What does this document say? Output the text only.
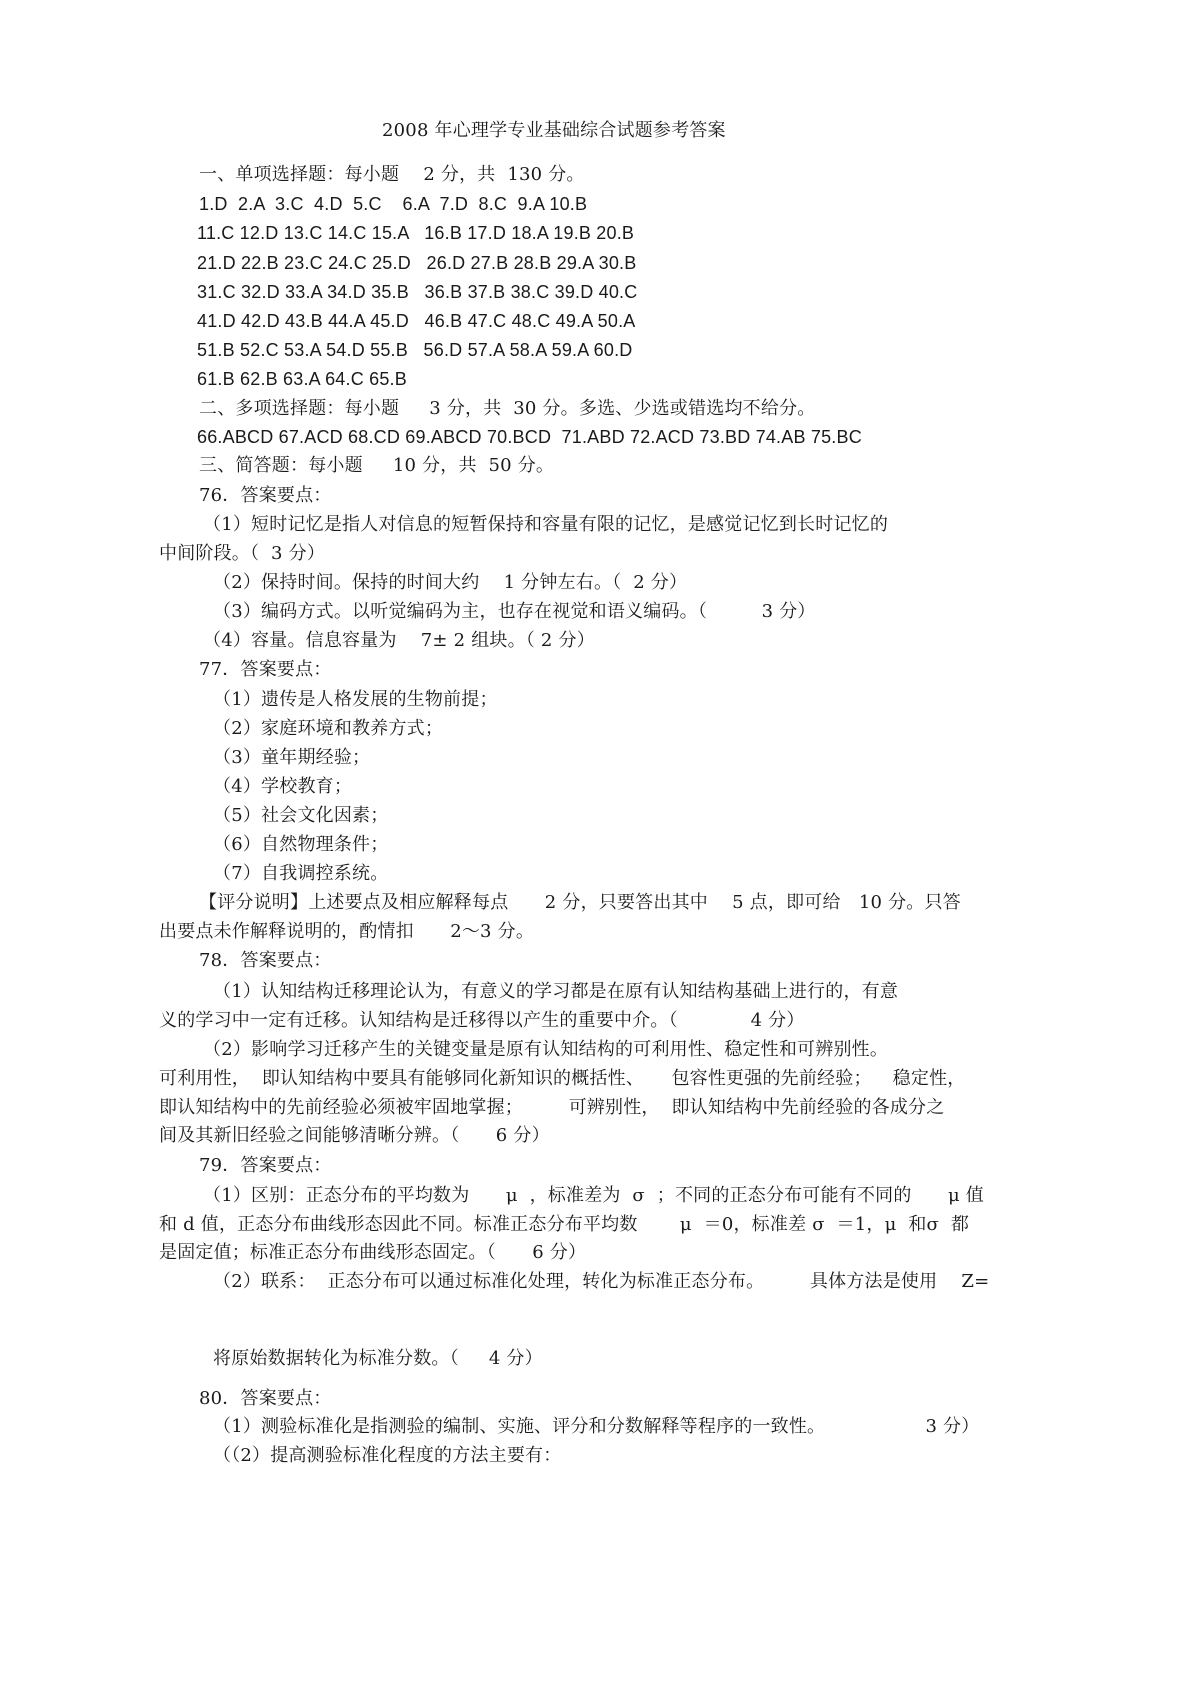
2008 年心理学专业基础综合试题参考答案
一、单项选择题：每小题　 2 分，共  130 分。
1.D  2.A  3.C  4.D  5.C    6.A  7.D  8.C  9.A 10.B
11.C 12.D 13.C 14.C 15.A   16.B 17.D 18.A 19.B 20.B
21.D 22.B 23.C 24.C 25.D   26.D 27.B 28.B 29.A 30.B
31.C 32.D 33.A 34.D 35.B   36.B 37.B 38.C 39.D 40.C
41.D 42.D 43.B 44.A 45.D   46.B 47.C 48.C 49.A 50.A
51.B 52.C 53.A 54.D 55.B   56.D 57.A 58.A 59.A 60.D
61.B 62.B 63.A 64.C 65.B
二、多项选择题：每小题　  3 分，共  30 分。多选、少选或错选均不给分。
66.ABCD 67.ACD 68.CD 69.ABCD 70.BCD  71.ABD 72.ACD 73.BD 74.AB 75.BC
三、简答题：每小题　  10 分，共  50 分。
76．答案要点：
（1）短时记忆是指人对信息的短暂保持和容量有限的记忆，是感觉记忆到长时记忆的
中间阶段。（  3 分）
（2）保持时间。保持的时间大约　 1 分钟左右。（  2 分）
（3）编码方式。以听觉编码为主，也存在视觉和语义编码。（　　　3 分）
（4）容量。信息容量为　 7± 2 组块。（ 2 分）
77．答案要点：
（1）遗传是人格发展的生物前提；
（2）家庭环境和教养方式；
（3）童年期经验；
（4）学校教育；
（5）社会文化因素；
（6）自然物理条件；
（7）自我调控系统。
【评分说明】上述要点及相应解释每点　　2 分，只要答出其中　 5 点，即可给　10 分。只答
出要点未作解释说明的，酌情扣　　2～3 分。
78．答案要点：
（1）认知结构迁移理论认为，有意义的学习都是在原有认知结构基础上进行的，有意
义的学习中一定有迁移。认知结构是迁移得以产生的重要中介。（　　　　4 分）
（2）影响学习迁移产生的关键变量是原有认知结构的可利用性、稳定性和可辨别性。
可利用性，  即认知结构中要具有能够同化新知识的概括性、　　包容性更强的先前经验；　  稳定性，
即认知结构中的先前经验必须被牢固地掌握；　　　可辨别性，  即认知结构中先前经验的各成分之
间及其新旧经验之间能够清晰分辨。（　　6 分）
79．答案要点：
（1）区别：正态分布的平均数为　　μ  ，标准差为  σ  ；不同的正态分布可能有不同的　　μ 值
和 d 值，正态分布曲线形态因此不同。标准正态分布平均数　　 μ  ＝0，标准差 σ  ＝1，μ  和σ  都
是固定值；标准正态分布曲线形态固定。（　　6 分）
（2）联系：  正态分布可以通过标准化处理，转化为标准正态分布。　　　具体方法是使用　 Z=
将原始数据转化为标准分数。（　  4 分）
80．答案要点：
（1）测验标准化是指测验的编制、实施、评分和分数解释等程序的一致性。　　　　　　3 分）
（（2）提高测验标准化程度的方法主要有：
